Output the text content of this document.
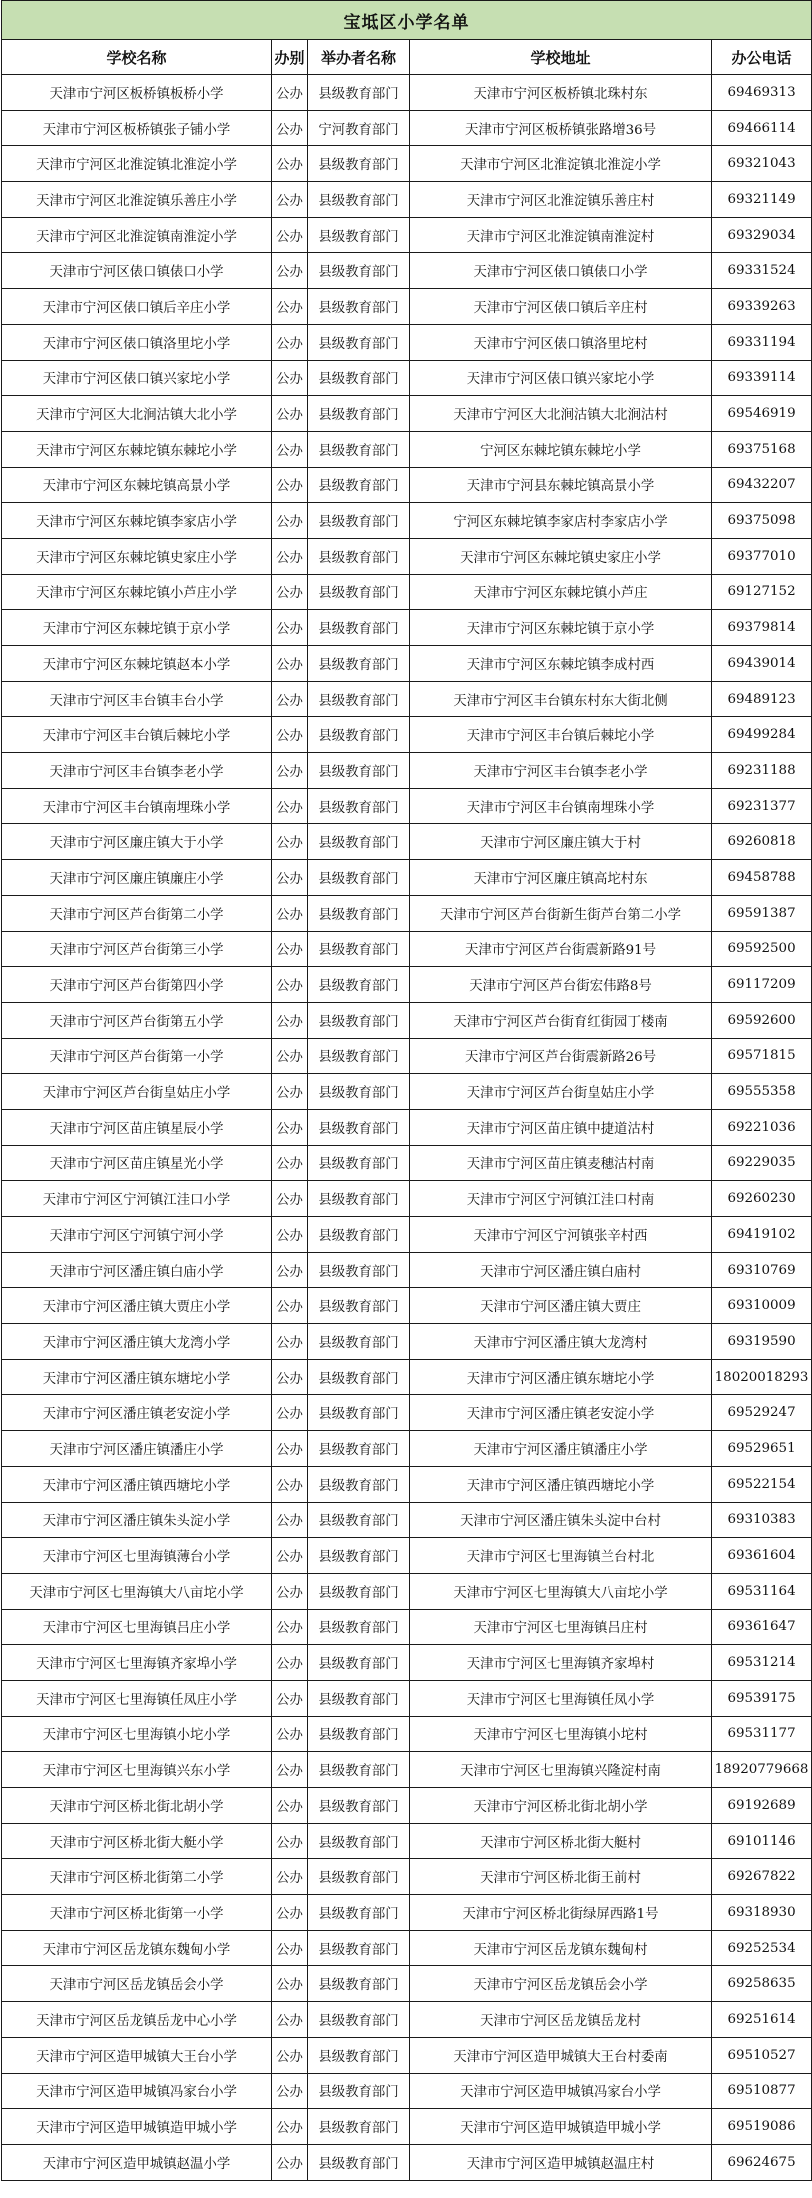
宝坻区小学名单				
学校名称	办别	举办者名称	学校地址	办公电话
天津市宁河区板桥镇板桥小学	公办	县级教育部门	天津市宁河区板桥镇北珠村东	69469313
天津市宁河区板桥镇张子铺小学	公办	宁河教育部门	天津市宁河区板桥镇张路增36号	69466114
天津市宁河区北淮淀镇北淮淀小学	公办	县级教育部门	天津市宁河区北淮淀镇北淮淀小学	69321043
天津市宁河区北淮淀镇乐善庄小学	公办	县级教育部门	天津市宁河区北淮淀镇乐善庄村	69321149
天津市宁河区北淮淀镇南淮淀小学	公办	县级教育部门	天津市宁河区北淮淀镇南淮淀村	69329034
天津市宁河区俵口镇俵口小学	公办	县级教育部门	天津市宁河区俵口镇俵口小学	69331524
天津市宁河区俵口镇后辛庄小学	公办	县级教育部门	天津市宁河区俵口镇后辛庄村	69339263
天津市宁河区俵口镇洛里坨小学	公办	县级教育部门	天津市宁河区俵口镇洛里坨村	69331194
天津市宁河区俵口镇兴家坨小学	公办	县级教育部门	天津市宁河区俵口镇兴家坨小学	69339114
天津市宁河区大北涧沽镇大北小学	公办	县级教育部门	天津市宁河区大北涧沽镇大北涧沽村	69546919
天津市宁河区东棘坨镇东棘坨小学	公办	县级教育部门	宁河区东棘坨镇东棘坨小学	69375168
天津市宁河区东棘坨镇高景小学	公办	县级教育部门	天津市宁河县东棘坨镇高景小学	69432207
天津市宁河区东棘坨镇李家店小学	公办	县级教育部门	宁河区东棘坨镇李家店村李家店小学	69375098
天津市宁河区东棘坨镇史家庄小学	公办	县级教育部门	天津市宁河区东棘坨镇史家庄小学	69377010
天津市宁河区东棘坨镇小芦庄小学	公办	县级教育部门	天津市宁河区东棘坨镇小芦庄	69127152
天津市宁河区东棘坨镇于京小学	公办	县级教育部门	天津市宁河区东棘坨镇于京小学	69379814
天津市宁河区东棘坨镇赵本小学	公办	县级教育部门	天津市宁河区东棘坨镇李成村西	69439014
天津市宁河区丰台镇丰台小学	公办	县级教育部门	天津市宁河区丰台镇东村东大街北侧	69489123
天津市宁河区丰台镇后棘坨小学	公办	县级教育部门	天津市宁河区丰台镇后棘坨小学	69499284
天津市宁河区丰台镇李老小学	公办	县级教育部门	天津市宁河区丰台镇李老小学	69231188
天津市宁河区丰台镇南埋珠小学	公办	县级教育部门	天津市宁河区丰台镇南埋珠小学	69231377
天津市宁河区廉庄镇大于小学	公办	县级教育部门	天津市宁河区廉庄镇大于村	69260818
天津市宁河区廉庄镇廉庄小学	公办	县级教育部门	天津市宁河区廉庄镇高坨村东	69458788
天津市宁河区芦台街第二小学	公办	县级教育部门	天津市宁河区芦台街新生街芦台第二小学	69591387
天津市宁河区芦台街第三小学	公办	县级教育部门	天津市宁河区芦台街震新路91号	69592500
天津市宁河区芦台街第四小学	公办	县级教育部门	天津市宁河区芦台街宏伟路8号	69117209
天津市宁河区芦台街第五小学	公办	县级教育部门	天津市宁河区芦台街育红街园丁楼南	69592600
天津市宁河区芦台街第一小学	公办	县级教育部门	天津市宁河区芦台街震新路26号	69571815
天津市宁河区芦台街皇姑庄小学	公办	县级教育部门	天津市宁河区芦台街皇姑庄小学	69555358
天津市宁河区苗庄镇星辰小学	公办	县级教育部门	天津市宁河区苗庄镇中捷道沽村	69221036
天津市宁河区苗庄镇星光小学	公办	县级教育部门	天津市宁河区苗庄镇麦穗沽村南	69229035
天津市宁河区宁河镇江洼口小学	公办	县级教育部门	天津市宁河区宁河镇江洼口村南	69260230
天津市宁河区宁河镇宁河小学	公办	县级教育部门	天津市宁河区宁河镇张辛村西	69419102
天津市宁河区潘庄镇白庙小学	公办	县级教育部门	天津市宁河区潘庄镇白庙村	69310769
天津市宁河区潘庄镇大贾庄小学	公办	县级教育部门	天津市宁河区潘庄镇大贾庄	69310009
天津市宁河区潘庄镇大龙湾小学	公办	县级教育部门	天津市宁河区潘庄镇大龙湾村	69319590
天津市宁河区潘庄镇东塘坨小学	公办	县级教育部门	天津市宁河区潘庄镇东塘坨小学	18020018293
天津市宁河区潘庄镇老安淀小学	公办	县级教育部门	天津市宁河区潘庄镇老安淀小学	69529247
天津市宁河区潘庄镇潘庄小学	公办	县级教育部门	天津市宁河区潘庄镇潘庄小学	69529651
天津市宁河区潘庄镇西塘坨小学	公办	县级教育部门	天津市宁河区潘庄镇西塘坨小学	69522154
天津市宁河区潘庄镇朱头淀小学	公办	县级教育部门	天津市宁河区潘庄镇朱头淀中台村	69310383
天津市宁河区七里海镇薄台小学	公办	县级教育部门	天津市宁河区七里海镇兰台村北	69361604
天津市宁河区七里海镇大八亩坨小学	公办	县级教育部门	天津市宁河区七里海镇大八亩坨小学	69531164
天津市宁河区七里海镇吕庄小学	公办	县级教育部门	天津市宁河区七里海镇吕庄村	69361647
天津市宁河区七里海镇齐家埠小学	公办	县级教育部门	天津市宁河区七里海镇齐家埠村	69531214
天津市宁河区七里海镇任凤庄小学	公办	县级教育部门	天津市宁河区七里海镇任凤小学	69539175
天津市宁河区七里海镇小坨小学	公办	县级教育部门	天津市宁河区七里海镇小坨村	69531177
天津市宁河区七里海镇兴东小学	公办	县级教育部门	天津市宁河区七里海镇兴隆淀村南	18920779668
天津市宁河区桥北街北胡小学	公办	县级教育部门	天津市宁河区桥北街北胡小学	69192689
天津市宁河区桥北街大艇小学	公办	县级教育部门	天津市宁河区桥北街大艇村	69101146
天津市宁河区桥北街第二小学	公办	县级教育部门	天津市宁河区桥北街王前村	69267822
天津市宁河区桥北街第一小学	公办	县级教育部门	天津市宁河区桥北街绿屏西路1号	69318930
天津市宁河区岳龙镇东魏甸小学	公办	县级教育部门	天津市宁河区岳龙镇东魏甸村	69252534
天津市宁河区岳龙镇岳会小学	公办	县级教育部门	天津市宁河区岳龙镇岳会小学	69258635
天津市宁河区岳龙镇岳龙中心小学	公办	县级教育部门	天津市宁河区岳龙镇岳龙村	69251614
天津市宁河区造甲城镇大王台小学	公办	县级教育部门	天津市宁河区造甲城镇大王台村委南	69510527
天津市宁河区造甲城镇冯家台小学	公办	县级教育部门	天津市宁河区造甲城镇冯家台小学	69510877
天津市宁河区造甲城镇造甲城小学	公办	县级教育部门	天津市宁河区造甲城镇造甲城小学	69519086
天津市宁河区造甲城镇赵温小学	公办	县级教育部门	天津市宁河区造甲城镇赵温庄村	69624675
